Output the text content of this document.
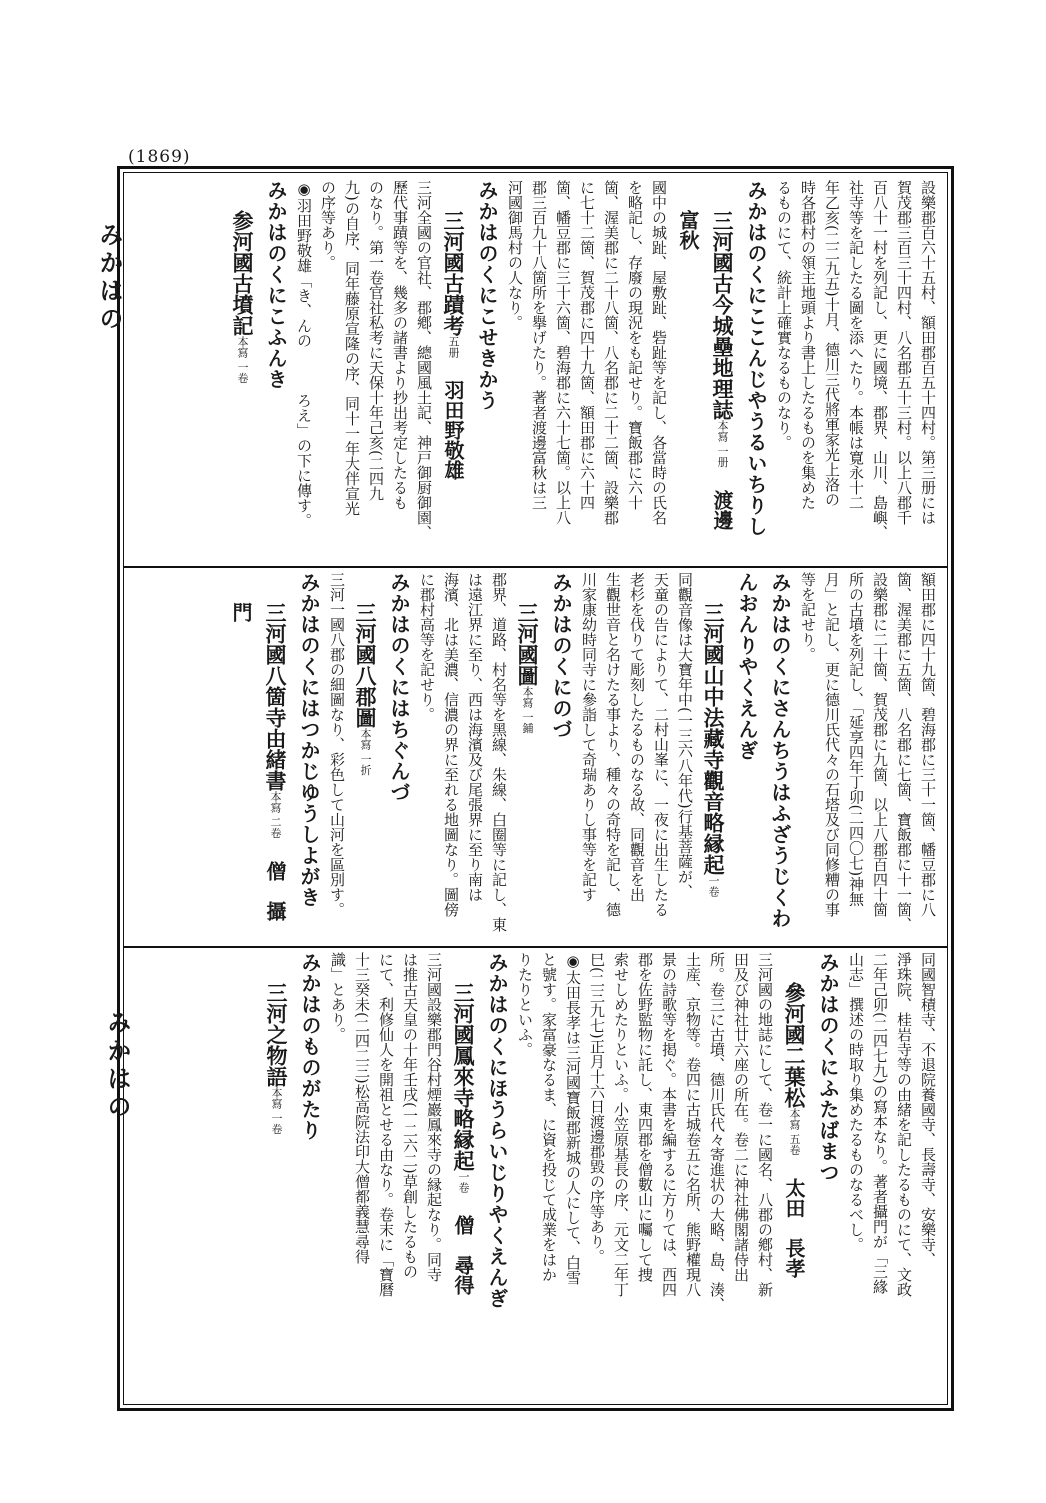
(1869)
みかはの
みかはの

設樂郡百六十五村、額田郡百五十四村。第三册には

賀茂郡三百三十四村、八名郡五十三村。以上八郡千

百八十一村を列記し、更に國境、郡界、山川、島嶼、

社寺等を記したる圖を添へたり。本帳は寛永十二

年乙亥(二二九五)十月、德川三代將軍家光上洛の

時各郡村の領主地頭より書上したるものを集めた

るものにて、統計上確實なるものなり。

みかはのくにここんじやうるいちりし
三河國古今城壘地理誌本寫 一册渡邊　富秋

國中の城趾、屋敷趾、砦趾等を記し、各當時の氏名

を略記し、存廢の現況をも記せり。寶飯郡に六十

箇、渥美郡に二十八箇、八名郡に二十二箇、設樂郡

に七十二箇、賀茂郡に四十九箇、額田郡に六十四

箇、幡豆郡に三十六箇、碧海郡に六十七箇。以上八

郡三百九十八箇所を擧げたり。著者渡邊富秋は三

河國御馬村の人なり。

みかはのくにこせきかう
三河國古蹟考五册羽田野敬雄

三河全國の官社、郡鄕、總國風土記、神戸御厨御園、

歷代事蹟等を、幾多の諸書より抄出考定したるも

のなり。第一卷官社私考に天保十年己亥(二四九

九)の自序、同年藤原宣隆の序、同十一年大伴宣光

の序等あり。

◉羽田野敬雄「き、んの　　　ろえ」の下に傳す。

みかはのくにこふんき
参河國古墳記本寫 一卷

額田郡に四十九箇、碧海郡に三十一箇、幡豆郡に八

箇、渥美郡に五箇、八名郡に七箇、寶飯郡に十一箇、

設樂郡に二十箇、賀茂郡に九箇、以上八郡百四十箇

所の古墳を列記し、「延享四年丁卯(二四〇七)神無

月」と記し、更に德川氏代々の石塔及び同修糟の事

等を記せり。

みかはのくにさんちうはふざうじくわんおんりやくえんぎ
三河國山中法藏寺觀音略縁起一卷

同觀音像は大寶年中(一三六八年代)行基菩薩が、

天童の告によりて、二村山峯に、一夜に出生したる

老杉を伐りて彫刻したるものなる故、同觀音を出

生觀世音と名けたる事より、種々の奇特を記し、德

川家康幼時同寺に參詣して奇瑞ありし事等を記す

みかはのくにのづ
三河國圖本寫 一鋪

郡界、道路、村名等を黑線、朱線、白圈等に記し、東

は遠江界に至り、西は海濱及び尾張界に至り南は

海濱、北は美濃、信濃の界に至れる地圖なり。圖傍

に郡村高等を記せり。

みかはのくにはちぐんづ
三河國八郡圖本寫 一折

三河一國八郡の細圖なり、彩色して山河を區別す。

みかはのくにはつかじゆうしよがき
三河國八箇寺由緒書本寫 二卷僧　攝門

同國智積寺、不退院養國寺、長壽寺、安樂寺、

淨珠院、桂岩寺等の由緒を記したるものにて、文政

二年己卯(二四七九)の寫本なり。著者攝門が「三緣

山志」撰述の時取り集めたるものなるべし。

みかはのくにふたばまつ
參河國二葉松本寫 五卷太田　長孝

三河國の地誌にして、卷一に國名、八郡の鄕村、新

田及び神社廿六座の所在。卷二に神社佛閣諸侍出

所。卷三に古墳、德川氏代々寄進状の大略、島、湊、

土産、京物等。卷四に古城卷五に名所、熊野權現八

景の詩歌等を掲ぐ。本書を編するに方りては、西四

郡を佐野監物に託し、東四郡を僧數山に囑して捜

索せしめたりといふ。小笠原基長の序、元文二年丁

巳(二三九七)正月十六日渡邊郡毀の序等あり。

◉太田長孝は三河國寶飯郡新城の人にして、白雪

と號す。家富豪なるま、に資を投じて成業をはか

りたりといふ。

みかはのくにほうらいじりやくえんぎ
三河國鳳來寺略縁起一卷僧　尋得

三河國設樂郡門谷村煙巖鳳來寺の縁起なり。同寺

は推古天皇の十年壬戌(一二六二)草創したるもの

にて、利修仙人を開祖とせる由なり。卷末に「寶曆

十三癸未(二四二三)松高院法印大僧都義慧尋得

識」とあり。

みかはのものがたり
三河之物語本寫 一卷
